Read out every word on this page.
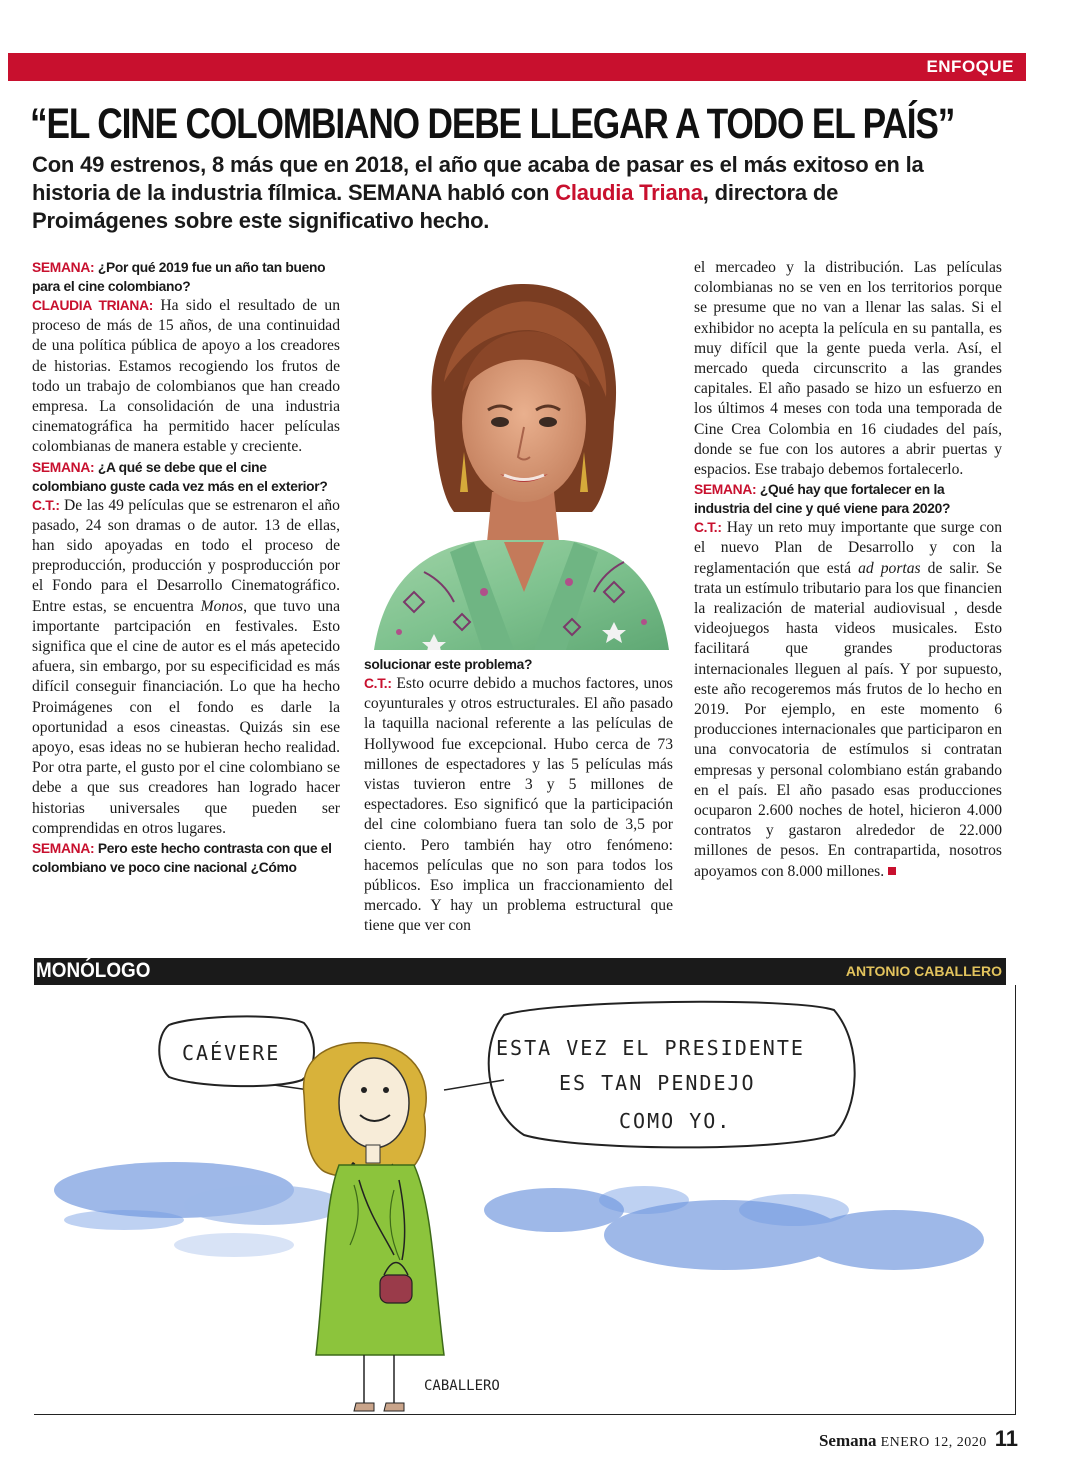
ENFOQUE
“EL CINE COLOMBIANO DEBE LLEGAR A TODO EL PAÍS”

Con 49 estrenos, 8 más que en 2018, el año que acaba de pasar es el más exitoso en la historia de la industria fílmica. SEMANA habló con Claudia Triana, directora de Proimágenes sobre este significativo hecho.

SEMANA: ¿Por qué 2019 fue un año tan bueno para el cine colombiano?

CLAUDIA TRIANA: Ha sido el resultado de un proceso de más de 15 años, de una continuidad de una política pública de apoyo a los creadores de historias. Estamos recogiendo los frutos de todo un trabajo de colombianos que han creado empresa. La consolidación de una industria cinematográfica ha permitido hacer películas colombianas de manera estable y creciente.

SEMANA: ¿A qué se debe que el cine colombiano guste cada vez más en el exterior?

C.T.: De las 49 películas que se estrenaron el año pasado, 24 son dramas o de autor. 13 de ellas, han sido apoyadas en todo el proceso de preproducción, producción y posproducción por el Fondo para el Desarrollo Cinematográfico. Entre estas, se encuentra Monos, que tuvo una importante partcipación en festivales. Esto significa que el cine de autor es el más apetecido afuera, sin embargo, por su especificidad es más difícil conseguir financiación. Lo que ha hecho Proimágenes con el fondo es darle la oportunidad a esos cineastas. Quizás sin ese apoyo, esas ideas no se hubieran hecho realidad. Por otra parte, el gusto por el cine colombiano se debe a que sus creadores han logrado hacer historias universales que pueden ser comprendidas en otros lugares.

SEMANA: Pero este hecho contrasta con que el colombiano ve poco cine nacional ¿Cómo

solucionar este problema?

C.T.: Esto ocurre debido a muchos factores, unos coyunturales y otros estructurales. El año pasado la taquilla nacional referente a las películas de Hollywood fue excepcional. Hubo cerca de 73 millones de espectadores y las 5 películas más vistas tuvieron entre 3 y 5 millones de espectadores. Eso significó que la participación del cine colombiano fuera tan solo de 3,5 por ciento. Pero también hay otro fenómeno: hacemos películas que no son para todos los públicos. Eso implica un fraccionamiento del mercado. Y hay un problema estructural que tiene que ver con

el mercadeo y la distribución. Las películas colombianas no se ven en los territorios porque se presume que no van a llenar las salas. Si el exhibidor no acepta la película en su pantalla, es muy difícil que la gente pueda verla. Así, el mercado queda circunscrito a las grandes capitales. El año pasado se hizo un esfuerzo en los últimos 4 meses con toda una temporada de Cine Crea Colombia en 16 ciudades del país, donde se fue con los autores a abrir puertas y espacios. Ese trabajo debemos fortalecerlo.

SEMANA: ¿Qué hay que fortalecer en la industria del cine y qué viene para 2020?

C.T.: Hay un reto muy importante que surge con el nuevo Plan de Desarrollo y con la reglamentación que está ad portas de salir. Se trata un estímulo tributario para los que financien la realización de material audiovisual , desde videojuegos hasta videos musicales. Esto facilitará que grandes productoras internacionales lleguen al país. Y por supuesto, este año recogeremos más frutos de lo hecho en 2019. Por ejemplo, en este momento 6 producciones internacionales que participaron en una convocatoria de estímulos si contratan empresas y personal colombiano están grabando en el país. El año pasado esas producciones ocuparon 2.600 noches de hotel, hicieron 4.000 contratos y gastaron alrededor de 22.000 millones de pesos. En contrapartida, nosotros apoyamos con 8.000 millones.

MONÓLOGO	ANTONIO CABALLERO
CAÉVERE	ESTA VEZ EL PRESIDENTE
ES TAN PENDEJO
COMO YO.
CABALLERO
Semana ENERO 12, 2020 11
